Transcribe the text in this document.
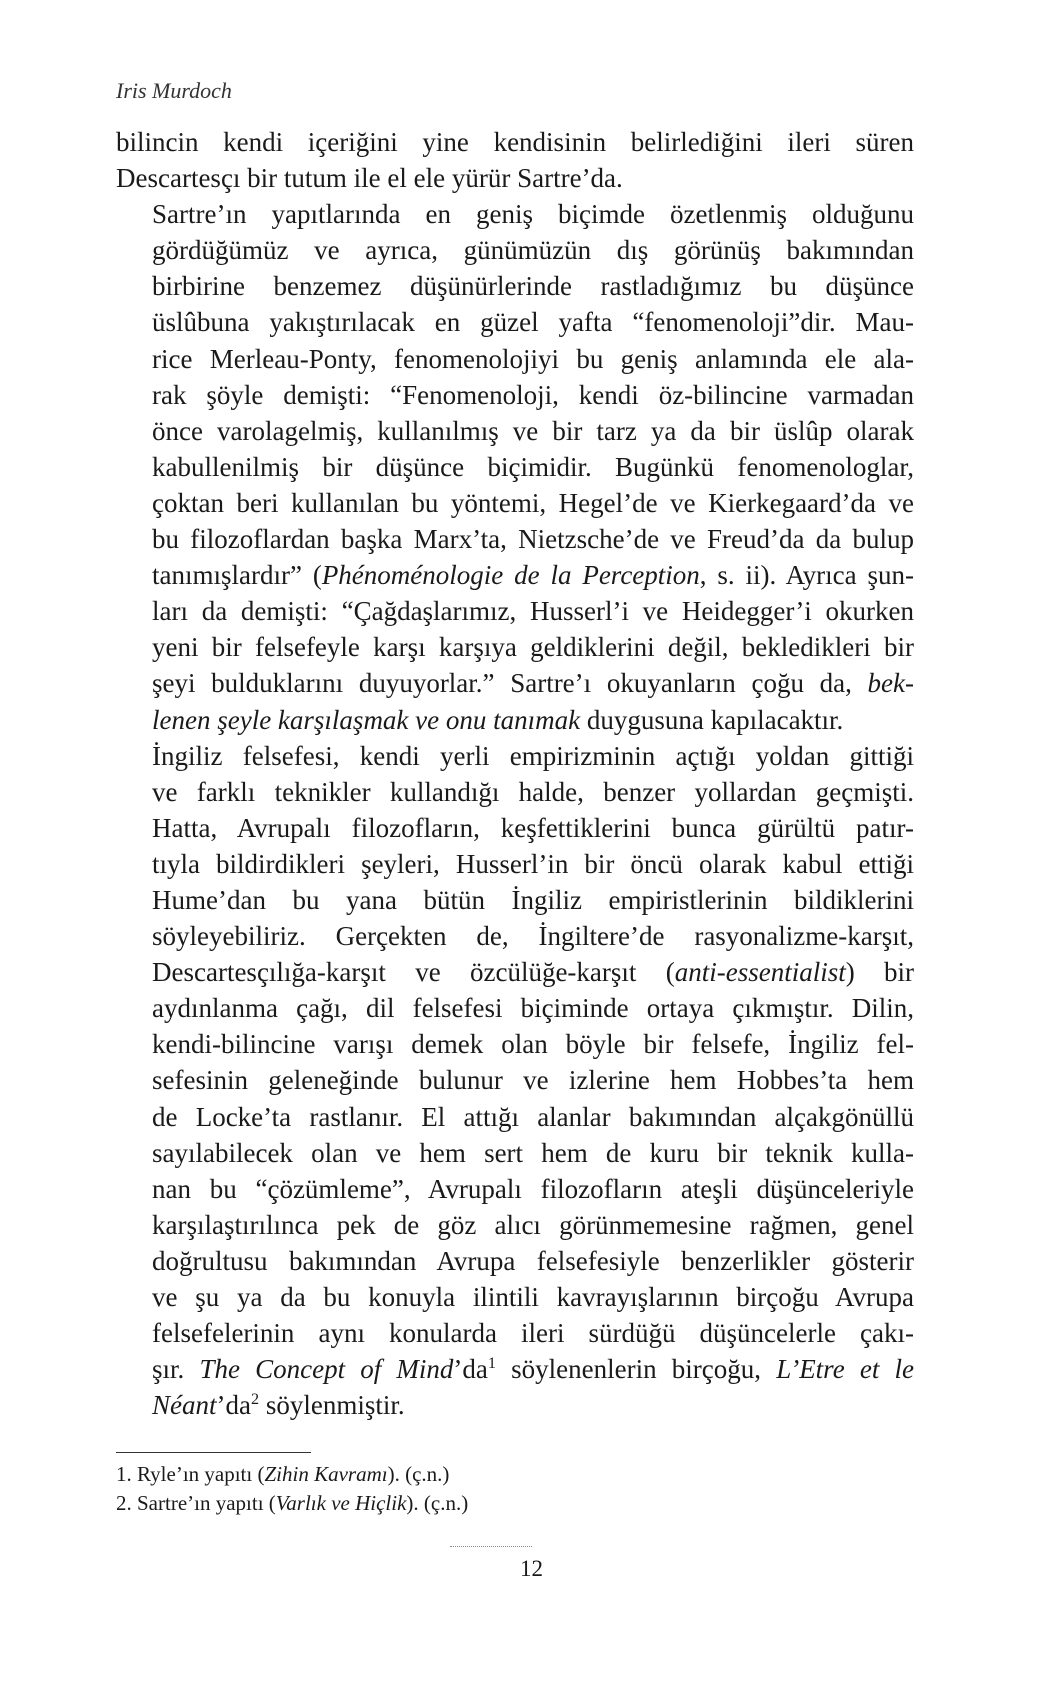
Iris Murdoch

bilincin kendi içeriğini yine kendisinin belirlediğini ileri süren
Descartesçı bir tutum ile el ele yürür Sartre’da.

Sartre’ın yapıtlarında en geniş biçimde özetlenmiş olduğunu
gördüğümüz ve ayrıca, günümüzün dış görünüş bakımından
birbirine benzemez düşünürlerinde rastladığımız bu düşünce
üslûbuna yakıştırılacak en güzel yafta “fenomenoloji”dir. Mau-
rice Merleau-Ponty, fenomenolojiyi bu geniş anlamında ele ala-
rak şöyle demişti: “Fenomenoloji, kendi öz-bilincine varmadan
önce varolagelmiş, kullanılmış ve bir tarz ya da bir üslûp olarak
kabullenilmiş bir düşünce biçimidir. Bugünkü fenomenologlar,
çoktan beri kullanılan bu yöntemi, Hegel’de ve Kierkegaard’da ve
bu filozoflardan başka Marx’ta, Nietzsche’de ve Freud’da da bulup
tanımışlardır” (Phénoménologie de la Perception, s. ii). Ayrıca şun-
ları da demişti: “Çağdaşlarımız, Husserl’i ve Heidegger’i okurken
yeni bir felsefeyle karşı karşıya geldiklerini değil, bekledikleri bir
şeyi bulduklarını duyuyorlar.” Sartre’ı okuyanların çoğu da, bek-
lenen şeyle karşılaşmak ve onu tanımak duygusuna kapılacaktır.

İngiliz felsefesi, kendi yerli empirizminin açtığı yoldan gittiği
ve farklı teknikler kullandığı halde, benzer yollardan geçmişti.
Hatta, Avrupalı filozofların, keşfettiklerini bunca gürültü patır-
tıyla bildirdikleri şeyleri, Husserl’in bir öncü olarak kabul ettiği
Hume’dan bu yana bütün İngiliz empiristlerinin bildiklerini
söyleyebiliriz. Gerçekten de, İngiltere’de rasyonalizme-karşıt,
Descartesçılığa-karşıt ve özcülüğe-karşıt (anti-essentialist) bir
aydınlanma çağı, dil felsefesi biçiminde ortaya çıkmıştır. Dilin,
kendi-bilincine varışı demek olan böyle bir felsefe, İngiliz fel-
sefesinin geleneğinde bulunur ve izlerine hem Hobbes’ta hem
de Locke’ta rastlanır. El attığı alanlar bakımından alçakgönüllü
sayılabilecek olan ve hem sert hem de kuru bir teknik kulla-
nan bu “çözümleme”, Avrupalı filozofların ateşli düşünceleriyle
karşılaştırılınca pek de göz alıcı görünmemesine rağmen, genel
doğrultusu bakımından Avrupa felsefesiyle benzerlikler gösterir
ve şu ya da bu konuyla ilintili kavrayışlarının birçoğu Avrupa
felsefelerinin aynı konularda ileri sürdüğü düşüncelerle çakı-
şır. The Concept of $Mind’da^1$ söylenenlerin birçoğu, L’Etre et le
$Néant’da^2$ söylenmiştir.

1. Ryle’ın yapıtı (Zihin Kavramı). (ç.n.)
2. Sartre’ın yapıtı (Varlık ve Hiçlik). (ç.n.)
12
